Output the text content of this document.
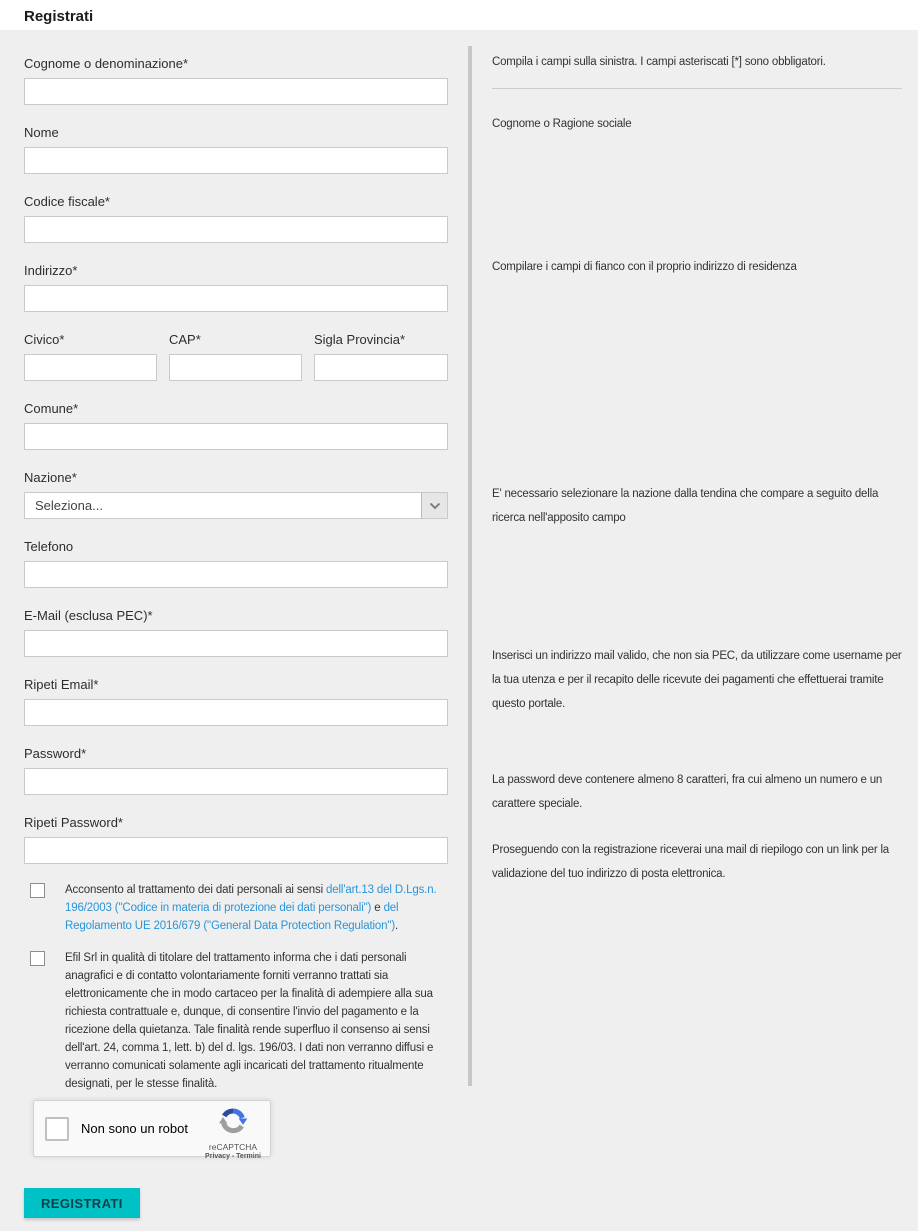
Registrati
Cognome o denominazione*
Nome
Codice fiscale*
Indirizzo*
Civico*	CAP*	Sigla Provincia*
Comune*
Nazione*
Seleziona...
Telefono
E-Mail (esclusa PEC)*
Ripeti Email*
Password*
Ripeti Password*

Acconsento al trattamento dei dati personali ai sensi dell'art.13 del D.Lgs.n. 196/2003 ("Codice in materia di protezione dei dati personali") e del Regolamento UE 2016/679 ("General Data Protection Regulation").

Efil Srl in qualità di titolare del trattamento informa che i dati personali anagrafici e di contatto volontariamente forniti verranno trattati sia elettronicamente che in modo cartaceo per la finalità di adempiere alla sua richiesta contrattuale e, dunque, di consentire l'invio del pagamento e la ricezione della quietanza. Tale finalità rende superfluo il consenso ai sensi dell'art. 24, comma 1, lett. b) del d. lgs. 196/03. I dati non verranno diffusi e verranno comunicati solamente agli incaricati del trattamento ritualmente designati, per le stesse finalità.

Non sono un robot
reCAPTCHA
Privacy - Termini
REGISTRATI

Compila i campi sulla sinistra. I campi asteriscati [*] sono obbligatori.

Cognome o Ragione sociale

Compilare i campi di fianco con il proprio indirizzo di residenza

E' necessario selezionare la nazione dalla tendina che compare a seguito della ricerca nell'apposito campo

Inserisci un indirizzo mail valido, che non sia PEC, da utilizzare come username per la tua utenza e per il recapito delle ricevute dei pagamenti che effettuerai tramite questo portale.

La password deve contenere almeno 8 caratteri, fra cui almeno un numero e un carattere speciale.

Proseguendo con la registrazione riceverai una mail di riepilogo con un link per la validazione del tuo indirizzo di posta elettronica.
